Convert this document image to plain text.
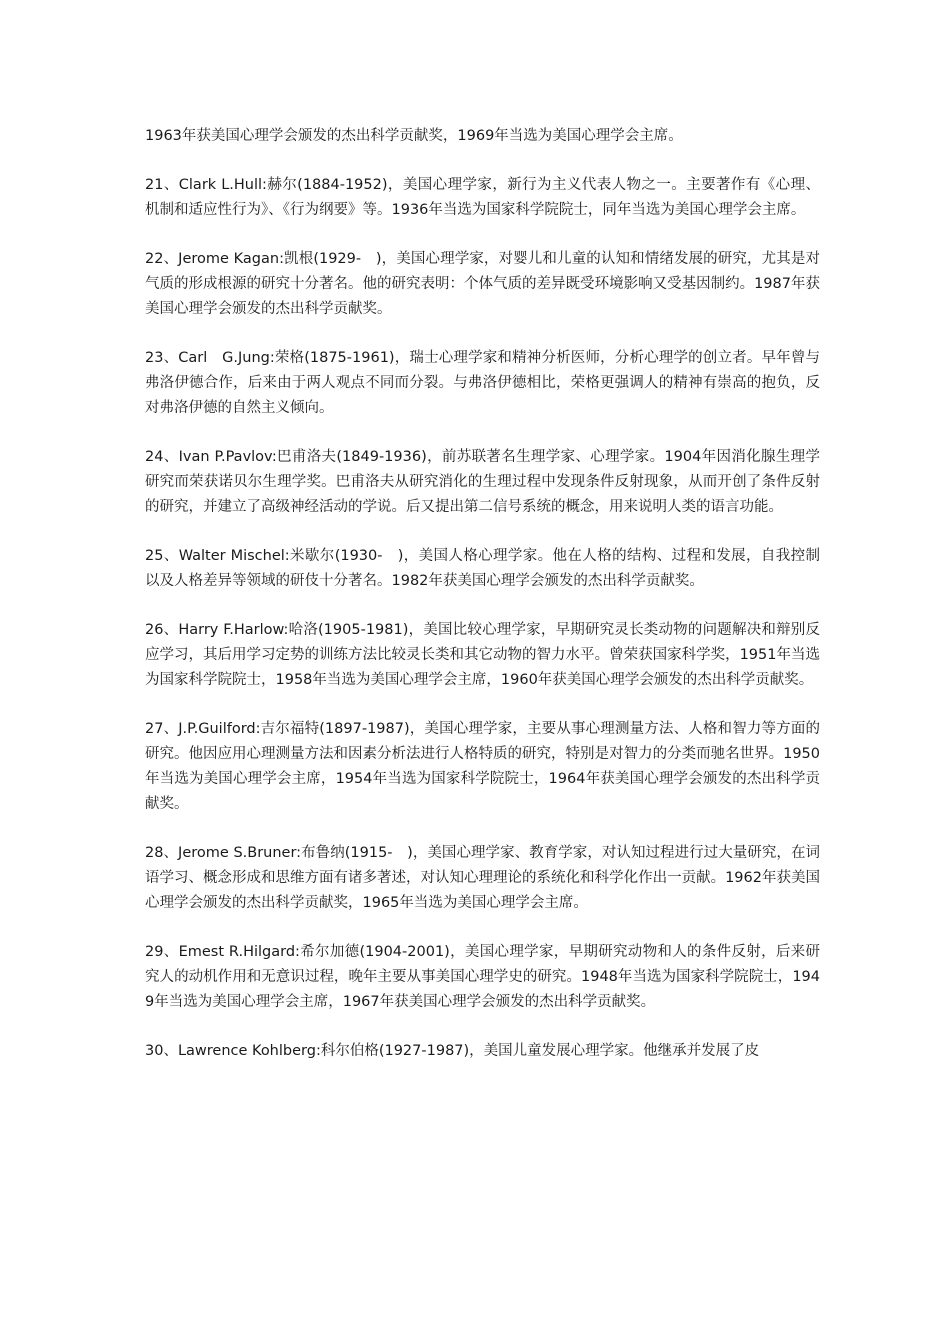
1963年获美国心理学会颁发的杰出科学贡献奖，1969年当选为美国心理学会主席。

21、Clark L.Hull:赫尔(1884-1952)，美国心理学家，新行为主义代表人物之一。主要著作有《心理、机制和适应性行为》、《行为纲要》等。1936年当选为国家科学院院士，同年当选为美国心理学会主席。

22、Jerome Kagan:凯根(1929-　)，美国心理学家，对婴儿和儿童的认知和情绪发展的研究，尤其是对气质的形成根源的研究十分著名。他的研究表明：个体气质的差异既受环境影响又受基因制约。1987年获美国心理学会颁发的杰出科学贡献奖。

23、Carl　G.Jung:荣格(1875-1961)，瑞士心理学家和精神分析医师，分析心理学的创立者。早年曾与弗洛伊德合作，后来由于两人观点不同而分裂。与弗洛伊德相比，荣格更强调人的精神有崇高的抱负，反对弗洛伊德的自然主义倾向。

24、Ivan P.Pavlov:巴甫洛夫(1849-1936)，前苏联著名生理学家、心理学家。1904年因消化腺生理学研究而荣获诺贝尔生理学奖。巴甫洛夫从研究消化的生理过程中发现条件反射现象，从而开创了条件反射的研究，并建立了高级神经活动的学说。后又提出第二信号系统的概念，用来说明人类的语言功能。

25、Walter Mischel:米歇尔(1930-　)，美国人格心理学家。他在人格的结构、过程和发展，自我控制以及人格差异等领域的研伎十分著名。1982年获美国心理学会颁发的杰出科学贡献奖。

26、Harry F.Harlow:哈洛(1905-1981)，美国比较心理学家，早期研究灵长类动物的问题解决和辩别反应学习，其后用学习定势的训练方法比较灵长类和其它动物的智力水平。曾荣获国家科学奖，1951年当选为国家科学院院士，1958年当选为美国心理学会主席，1960年获美国心理学会颁发的杰出科学贡献奖。

27、J.P.Guilford:吉尔福特(1897-1987)，美国心理学家，主要从事心理测量方法、人格和智力等方面的研究。他因应用心理测量方法和因素分析法进行人格特质的研究，特别是对智力的分类而驰名世界。1950年当选为美国心理学会主席，1954年当选为国家科学院院士，1964年获美国心理学会颁发的杰出科学贡献奖。

28、Jerome S.Bruner:布鲁纳(1915-　)，美国心理学家、教育学家，对认知过程进行过大量研究，在词语学习、概念形成和思维方面有诸多著述，对认知心理理论的系统化和科学化作出一贡献。1962年获美国心理学会颁发的杰出科学贡献奖，1965年当选为美国心理学会主席。

29、Emest R.Hilgard:希尔加德(1904-2001)，美国心理学家，早期研究动物和人的条件反射，后来研究人的动机作用和无意识过程，晚年主要从事美国心理学史的研究。1948年当选为国家科学院院士，1949年当选为美国心理学会主席，1967年获美国心理学会颁发的杰出科学贡献奖。

30、Lawrence Kohlberg:科尔伯格(1927-1987)，美国儿童发展心理学家。他继承并发展了皮
